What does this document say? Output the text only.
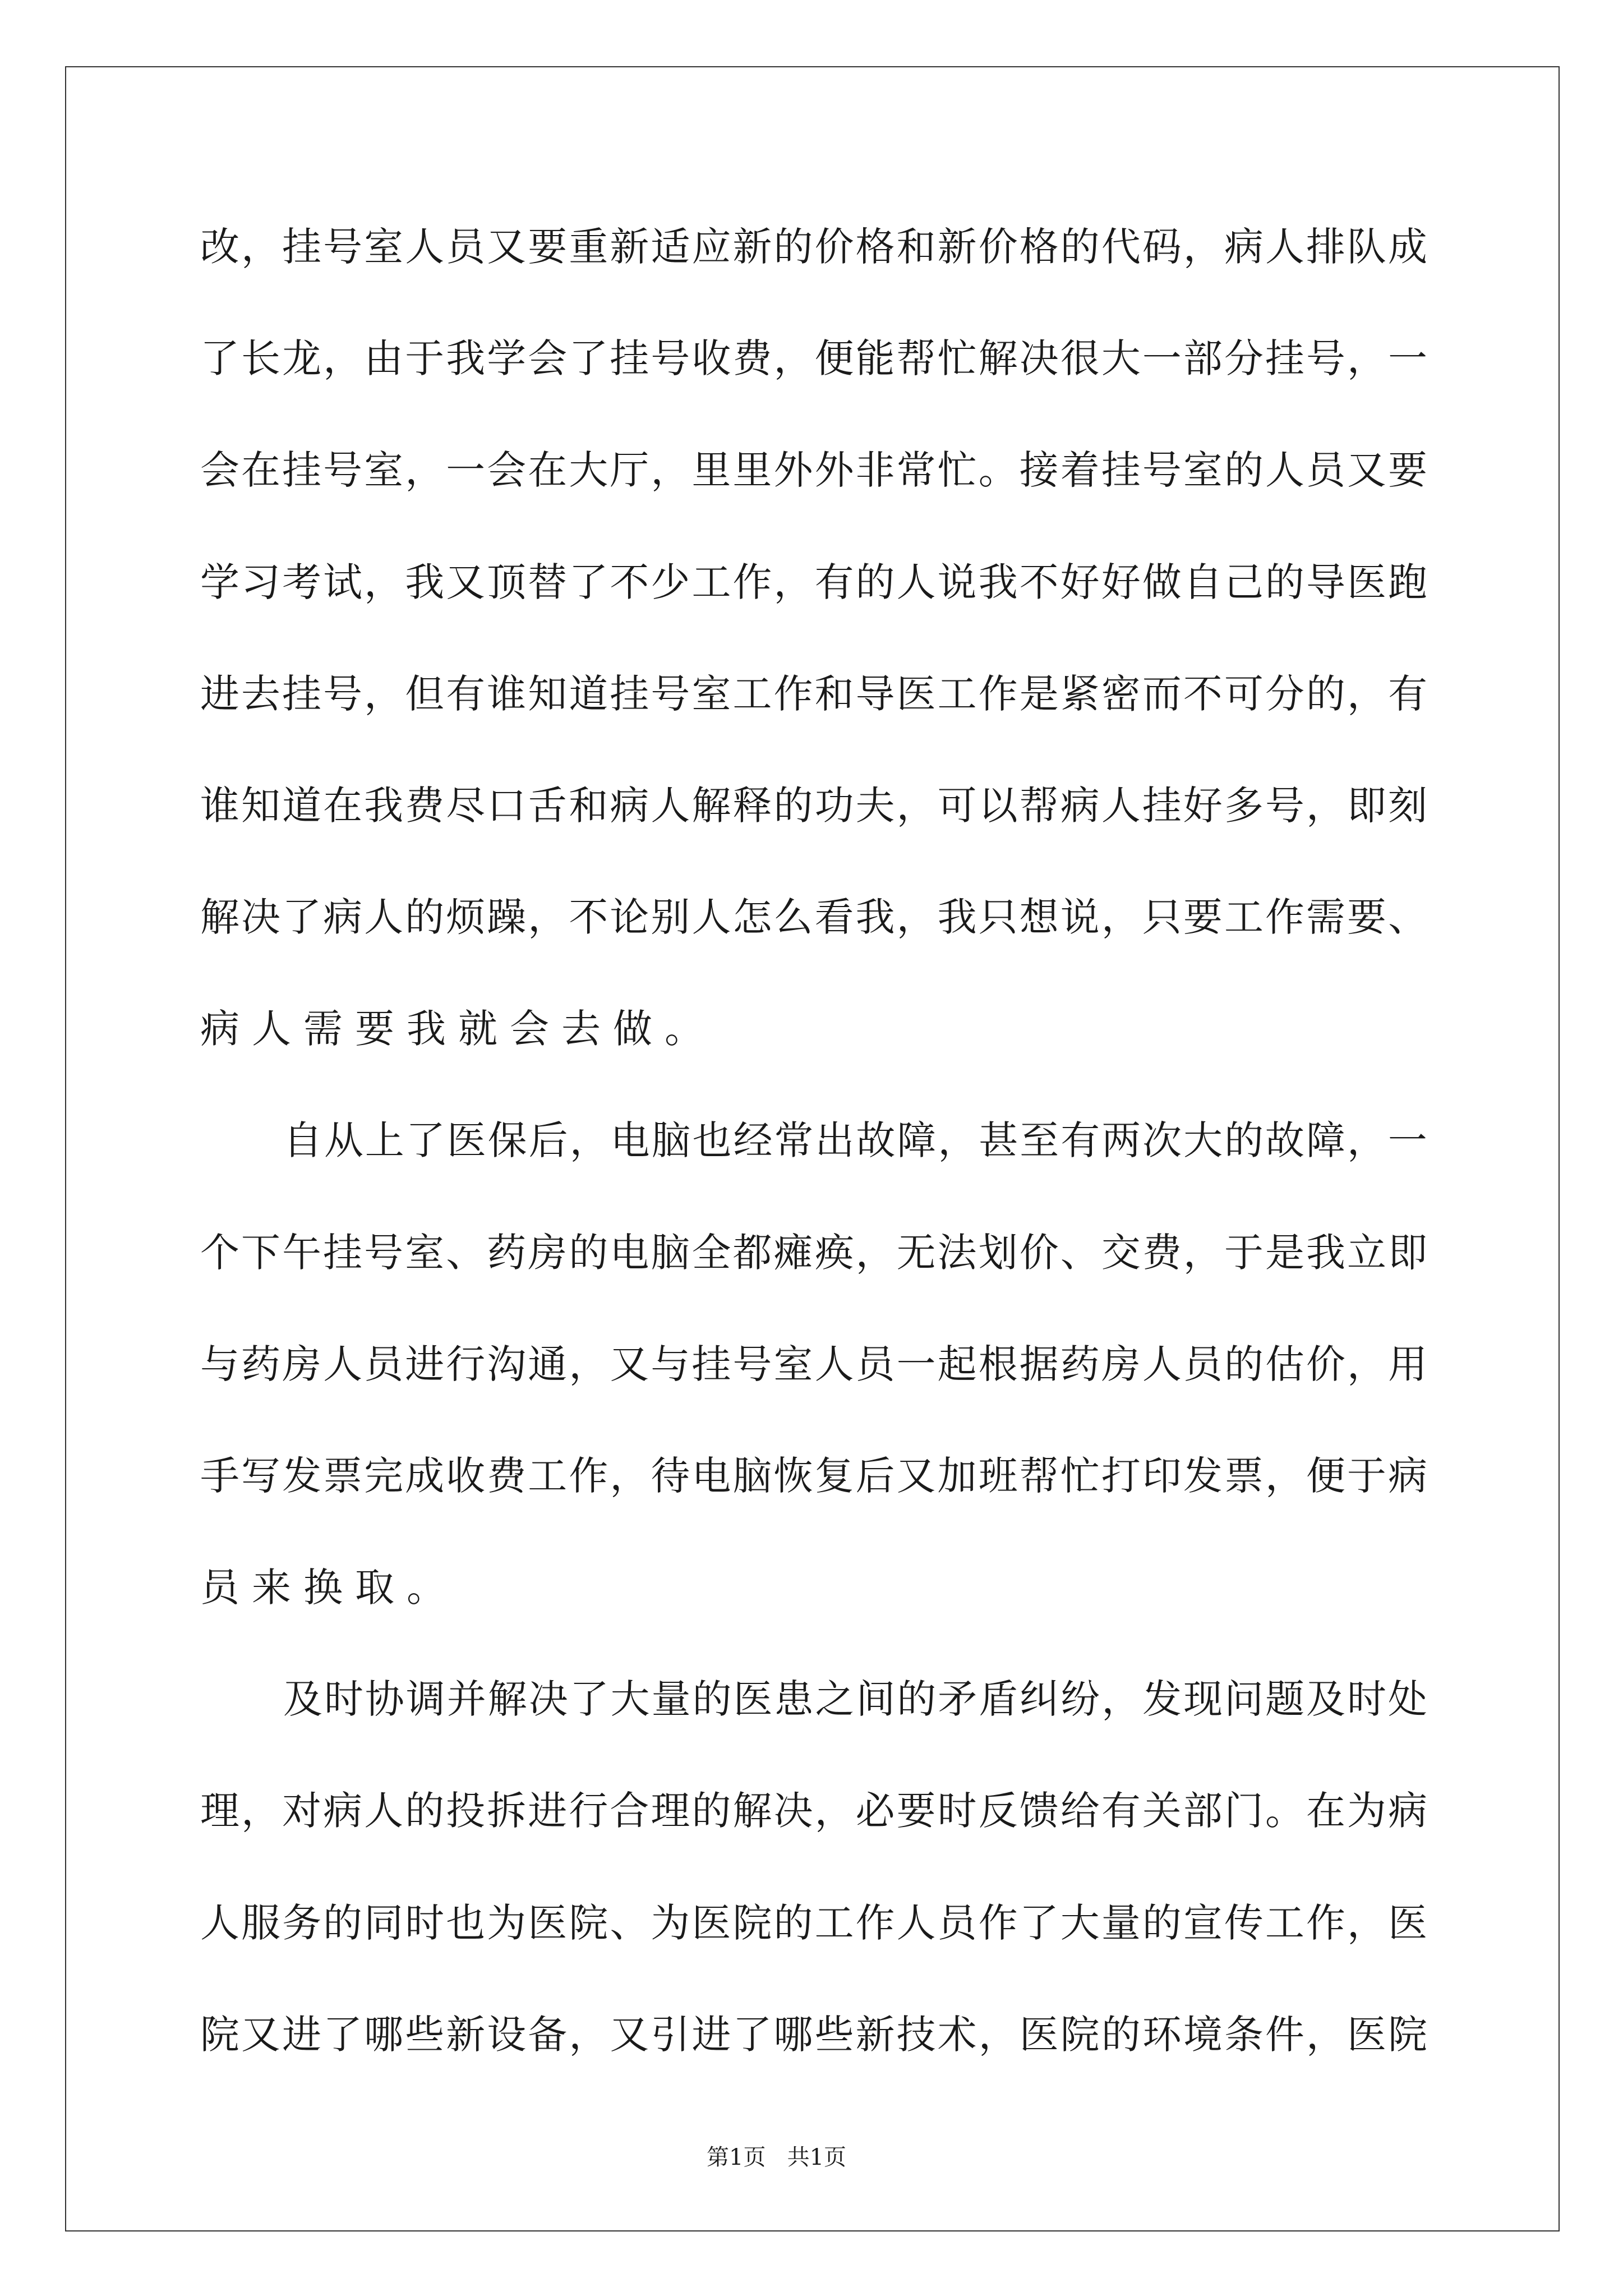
改，挂号室人员又要重新适应新的价格和新价格的代码，病人排队成

了长龙，由于我学会了挂号收费，便能帮忙解决很大一部分挂号，一

会在挂号室，一会在大厅，里里外外非常忙。接着挂号室的人员又要

学习考试，我又顶替了不少工作，有的人说我不好好做自己的导医跑

进去挂号，但有谁知道挂号室工作和导医工作是紧密而不可分的，有

谁知道在我费尽口舌和病人解释的功夫，可以帮病人挂好多号，即刻

解决了病人的烦躁，不论别人怎么看我，我只想说，只要工作需要、

病人需要我就会去做。

自从上了医保后，电脑也经常出故障，甚至有两次大的故障，一

个下午挂号室、药房的电脑全都瘫痪，无法划价、交费，于是我立即

与药房人员进行沟通，又与挂号室人员一起根据药房人员的估价，用

手写发票完成收费工作，待电脑恢复后又加班帮忙打印发票，便于病

员来换取。

及时协调并解决了大量的医患之间的矛盾纠纷，发现问题及时处

理，对病人的投拆进行合理的解决，必要时反馈给有关部门。在为病

人服务的同时也为医院、为医院的工作人员作了大量的宣传工作，医

院又进了哪些新设备，又引进了哪些新技术，医院的环境条件，医院

第1页   共1页
